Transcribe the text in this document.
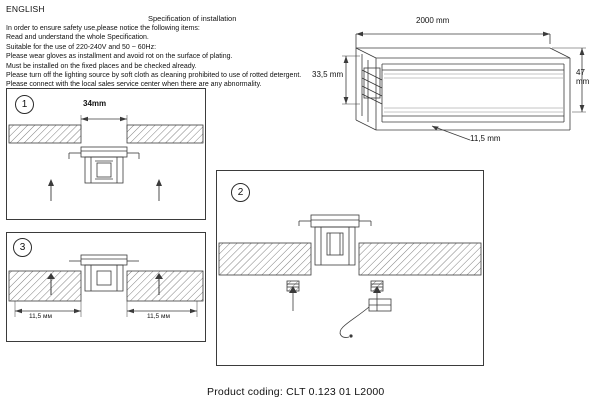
ENGLISH
Specification of installation
In order to ensure safety use,please notice the following items:
Read and understand the whole Specification.
Suitable for the use of 220-240V and 50 ~ 60Hz:
Please wear gloves as installment and avoid rot on the surface of plating.
Must be installed on the fixed places and be checked already.
Please turn off the lighting source by soft cloth as cleaning prohibited to use of rotted detergent.
Please connect with the local sales service center when there are any abnormality.
2000 mm
47 mm
33,5 mm
11,5 mm
1	34mm
3
11,5 мм	11,5 мм
2
Product coding: CLT 0.123 01 L2000
